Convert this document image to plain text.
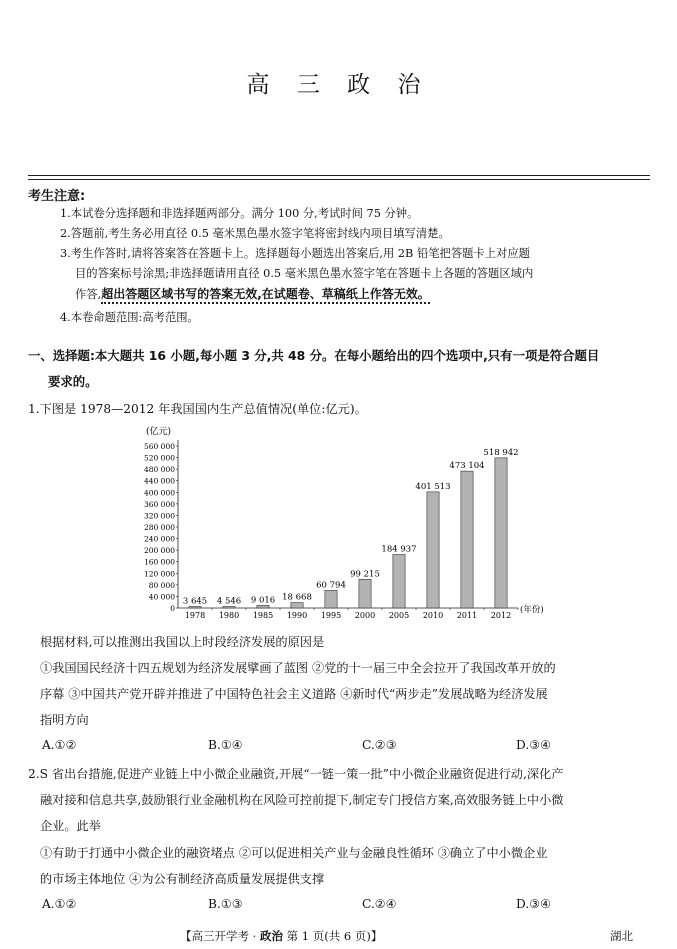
高 三 政 治
考生注意:
1.本试卷分选择题和非选择题两部分。满分 100 分,考试时间 75 分钟。
2.答题前,考生务必用直径 0.5 毫米黑色墨水签字笔将密封线内项目填写清楚。
3.考生作答时,请将答案答在答题卡上。选择题每小题选出答案后,用 2B 铅笔把答题卡上对应题
目的答案标号涂黑;非选择题请用直径 0.5 毫米黑色墨水签字笔在答题卡上各题的答题区域内
作答,超出答题区域书写的答案无效,在试题卷、草稿纸上作答无效。
4.本卷命题范围:高考范围。
一、选择题:本大题共 16 小题,每小题 3 分,共 48 分。在每小题给出的四个选项中,只有一项是符合题目
要求的。
1.下图是 1978—2012 年我国国内生产总值情况(单位:亿元)。
(亿元)
0
40 000
80 000
120 000
160 000
200 000
240 000
280 000
320 000
360 000
400 000
440 000
480 000
520 000
560 000
3 645
1978
4 546
1980
9 016
1985
18 668
1990
60 794
1995
99 215
2000
184 937
2005
401 513
2010
473 104
2011
518 942
2012
(年份)
根据材料,可以推测出我国以上时段经济发展的原因是
①我国国民经济十四五规划为经济发展擘画了蓝图 ②党的十一届三中全会拉开了我国改革开放的
序幕 ③中国共产党开辟并推进了中国特色社会主义道路 ④新时代“两步走”发展战略为经济发展
指明方向
A.①②	B.①④	C.②③	D.③④
2.S 省出台措施,促进产业链上中小微企业融资,开展“一链一策一批”中小微企业融资促进行动,深化产
融对接和信息共享,鼓励银行业金融机构在风险可控前提下,制定专门授信方案,高效服务链上中小微
企业。此举
①有助于打通中小微企业的融资堵点 ②可以促进相关产业与金融良性循环 ③确立了中小微企业
的市场主体地位 ④为公有制经济高质量发展提供支撑
A.①②	B.①③	C.②④	D.③④
【高三开学考 · 政治 第 1 页(共 6 页)】	湖北
